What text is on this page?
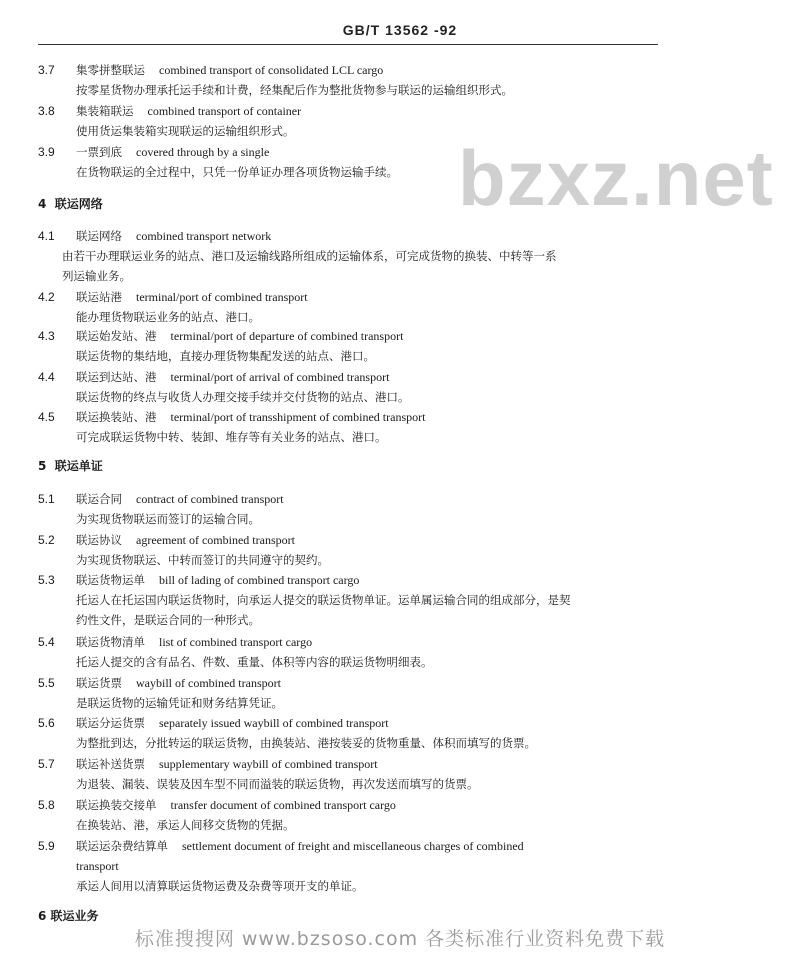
GB/T 13562 -92
bzxz.net
4 联运网络
5 联运单证
3.7 集零拼整联运 combined transport of consolidated LCL cargo
按零星货物办理承托运手续和计费，经集配后作为整批货物参与联运的运输组织形式。
3.8 集装箱联运 combined transport of container
使用货运集装箱实现联运的运输组织形式。
3.9 一票到底 covered through by a single
在货物联运的全过程中，只凭一份单证办理各项货物运输手续。
4.1 联运网络 combined transport network
由若干办理联运业务的站点、港口及运输线路所组成的运输体系，可完成货物的换装、中转等一系
列运输业务。
4.2 联运站港 terminal/port of combined transport
能办理货物联运业务的站点、港口。
4.3 联运始发站、港 terminal/port of departure of combined transport
联运货物的集结地，直接办理货物集配发送的站点、港口。
4.4 联运到达站、港 terminal/port of arrival of combined transport
联运货物的终点与收货人办理交接手续并交付货物的站点、港口。
4.5 联运换装站、港 terminal/port of transshipment of combined transport
可完成联运货物中转、装卸、堆存等有关业务的站点、港口。
5.1 联运合同 contract of combined transport
为实现货物联运而签订的运输合同。
5.2 联运协议 agreement of combined transport
为实现货物联运、中转而签订的共同遵守的契约。
5.3 联运货物运单 bill of lading of combined transport cargo
托运人在托运国内联运货物时，向承运人提交的联运货物单证。运单属运输合同的组成部分，是契
约性文件，是联运合同的一种形式。
5.4 联运货物清单 list of combined transport cargo
托运人提交的含有品名、件数、重量、体积等内容的联运货物明细表。
5.5 联运货票 waybill of combined transport
是联运货物的运输凭证和财务结算凭证。
5.6 联运分运货票 separately issued waybill of combined transport
为整批到达，分批转运的联运货物，由换装站、港按装妥的货物重量、体积而填写的货票。
5.7 联运补送货票 supplementary waybill of combined transport
为退装、漏装、误装及因车型不同而溢装的联运货物，再次发送而填写的货票。
5.8 联运换装交接单 transfer document of combined transport cargo
在换装站、港，承运人间移交货物的凭据。
5.9 联运运杂费结算单 settlement document of freight and miscellaneous charges of combined
transport
承运人间用以清算联运货物运费及杂费等项开支的单证。
6 联运业务
标准搜搜网 www.bzsoso.com 各类标准行业资料免费下载
